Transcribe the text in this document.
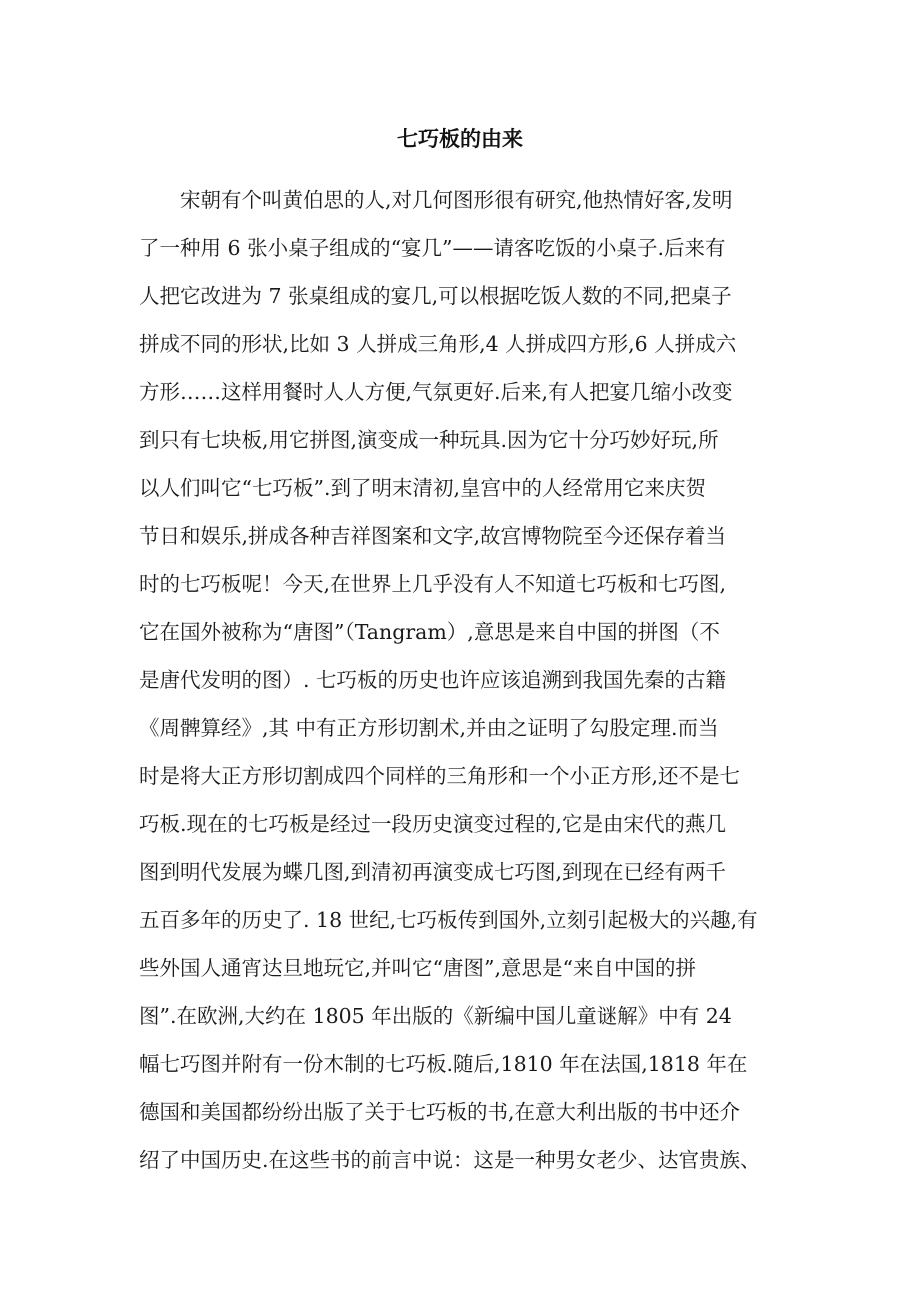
七巧板的由来
　　宋朝有个叫黄伯思的人,对几何图形很有研究,他热情好客,发明
了一种用 6 张小桌子组成的“宴几”——请客吃饭的小桌子.后来有
人把它改进为 7 张桌组成的宴几,可以根据吃饭人数的不同,把桌子
拼成不同的形状,比如 3 人拼成三角形,4 人拼成四方形,6 人拼成六
方形……这样用餐时人人方便,气氛更好.后来,有人把宴几缩小改变
到只有七块板,用它拼图,演变成一种玩具.因为它十分巧妙好玩,所
以人们叫它“七巧板”.到了明末清初,皇宫中的人经常用它来庆贺
节日和娱乐,拼成各种吉祥图案和文字,故宫博物院至今还保存着当
时的七巧板呢！今天,在世界上几乎没有人不知道七巧板和七巧图,
它在国外被称为“唐图”（Tangram）,意思是来自中国的拼图（不
是唐代发明的图）. 七巧板的历史也许应该追溯到我国先秦的古籍
《周髀算经》,其 中有正方形切割术,并由之证明了勾股定理.而当
时是将大正方形切割成四个同样的三角形和一个小正方形,还不是七
巧板.现在的七巧板是经过一段历史演变过程的,它是由宋代的燕几
图到明代发展为蝶几图,到清初再演变成七巧图,到现在已经有两千
五百多年的历史了. 18 世纪,七巧板传到国外,立刻引起极大的兴趣,有
些外国人通宵达旦地玩它,并叫它“唐图”,意思是“来自中国的拼
图”.在欧洲,大约在 1805 年出版的《新编中国儿童谜解》中有 24
幅七巧图并附有一份木制的七巧板.随后,1810 年在法国,1818 年在
德国和美国都纷纷出版了关于七巧板的书,在意大利出版的书中还介
绍了中国历史.在这些书的前言中说：这是一种男女老少、达官贵族、
